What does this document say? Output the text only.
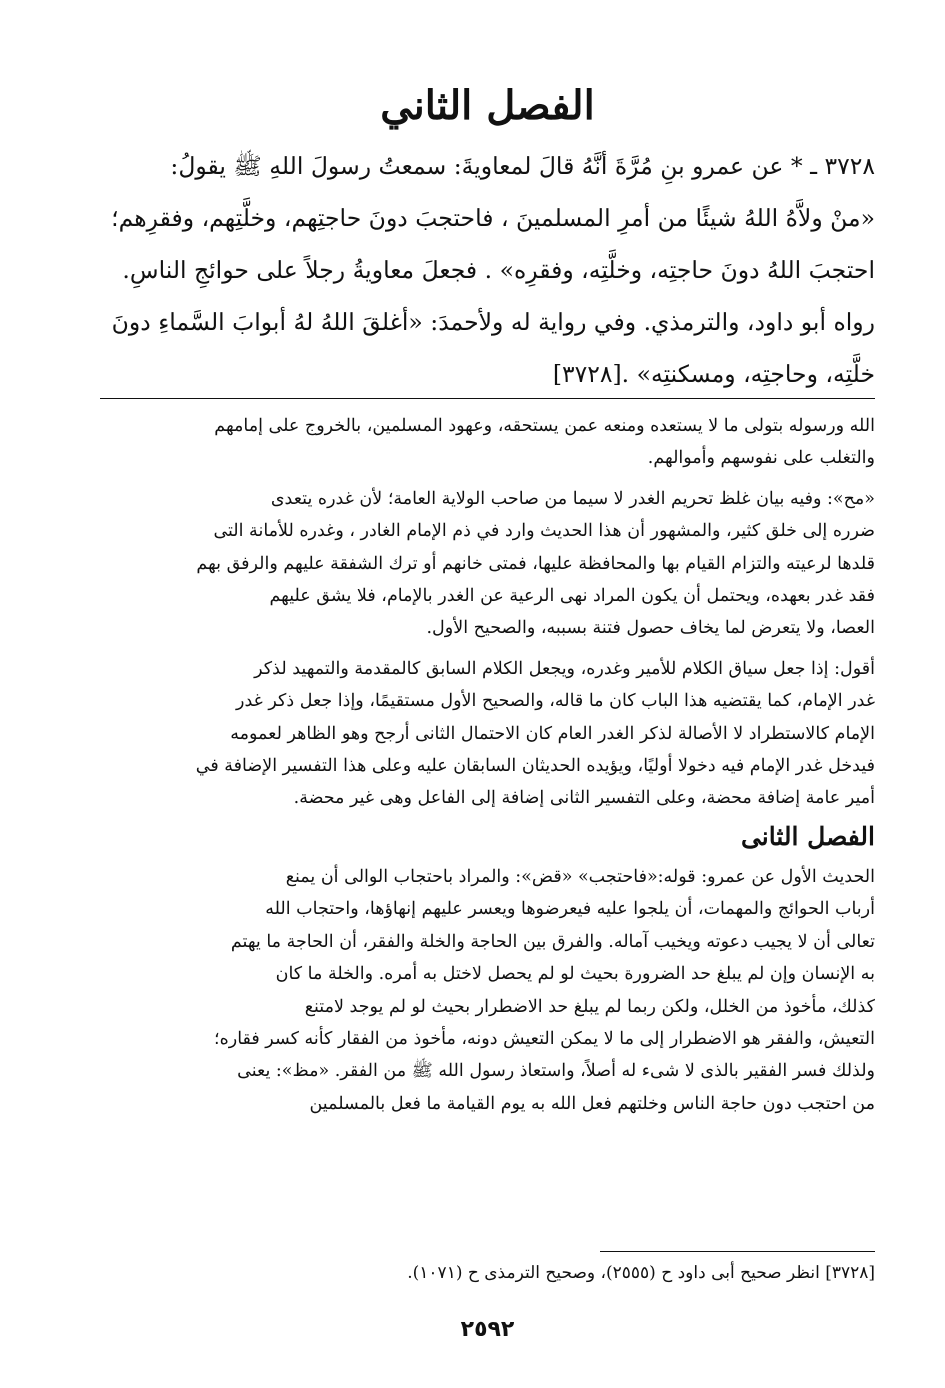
الفصل الثاني

٣٧٢٨ ـ * عن عمرو بنِ مُرَّةَ أنَّهُ قالَ لمعاويةَ: سمعتُ رسولَ اللهِ ﷺ يقولُ:

«منْ ولاَّهُ اللهُ شيئًا من أمرِ المسلمينَ ، فاحتجبَ دونَ حاجتِهم، وخلَّتِهم، وفقرِهم؛

احتجبَ اللهُ دونَ حاجتِه، وخلَّتِه، وفقرِه» . فجعلَ معاويةُ رجلاً على حوائجِ الناسِ.

رواه أبو داود، والترمذي. وفي رواية له ولأحمدَ: «أغلقَ اللهُ لهُ أبوابَ السَّماءِ دونَ

خلَّتِه، وحاجتِه، ومسكنتِه» .[٣٧٢٨]

الله ورسوله بتولى ما لا يستعده ومنعه عمن يستحقه، وعهود المسلمين، بالخروج على إمامهم
والتغلب على نفوسهم وأموالهم.

«مح»: وفيه بيان غلظ تحريم الغدر لا سيما من صاحب الولاية العامة؛ لأن غدره يتعدى
ضرره إلى خلق كثير، والمشهور أن هذا الحديث وارد في ذم الإمام الغادر ، وغدره للأمانة التى
قلدها لرعيته والتزام القيام بها والمحافظة عليها، فمتى خانهم أو ترك الشفقة عليهم والرفق بهم
فقد غدر بعهده، ويحتمل أن يكون المراد نهى الرعية عن الغدر بالإمام، فلا يشق عليهم
العصا، ولا يتعرض لما يخاف حصول فتنة بسببه، والصحيح الأول.

أقول: إذا جعل سياق الكلام للأمير وغدره، ويجعل الكلام السابق كالمقدمة والتمهيد لذكر
غدر الإمام، كما يقتضيه هذا الباب كان ما قاله، والصحيح الأول مستقيمًا، وإذا جعل ذكر غدر
الإمام كالاستطراد لا الأصالة لذكر الغدر العام كان الاحتمال الثانى أرجح وهو الظاهر لعمومه
فيدخل غدر الإمام فيه دخولا أوليًا، ويؤيده الحديثان السابقان عليه وعلى هذا التفسير الإضافة في
أمير عامة إضافة محضة، وعلى التفسير الثانى إضافة إلى الفاعل وهى غير محضة.

الفصل الثانى

الحديث الأول عن عمرو: قوله:«فاحتجب» «قض»: والمراد باحتجاب الوالى أن يمنع
أرباب الحوائج والمهمات، أن يلجوا عليه فيعرضوها ويعسر عليهم إنهاؤها، واحتجاب الله
تعالى أن لا يجيب دعوته ويخيب آماله. والفرق بين الحاجة والخلة والفقر، أن الحاجة ما يهتم
به الإنسان وإن لم يبلغ حد الضرورة بحيث لو لم يحصل لاختل به أمره. والخلة ما كان
كذلك، مأخوذ من الخلل، ولكن ربما لم يبلغ حد الاضطرار بحيث لو لم يوجد لامتنع
التعيش، والفقر هو الاضطرار إلى ما لا يمكن التعيش دونه، مأخوذ من الفقار كأنه كسر فقاره؛
ولذلك فسر الفقير بالذى لا شىء له أصلاً، واستعاذ رسول الله ﷺ من الفقر. «مظ»: يعنى
من احتجب دون حاجة الناس وخلتهم فعل الله به يوم القيامة ما فعل بالمسلمين

[٣٧٢٨] انظر صحيح أبى داود ح (٢٥٥٥)، وصحيح الترمذى ح (١٠٧١).
٢٥٩٢
